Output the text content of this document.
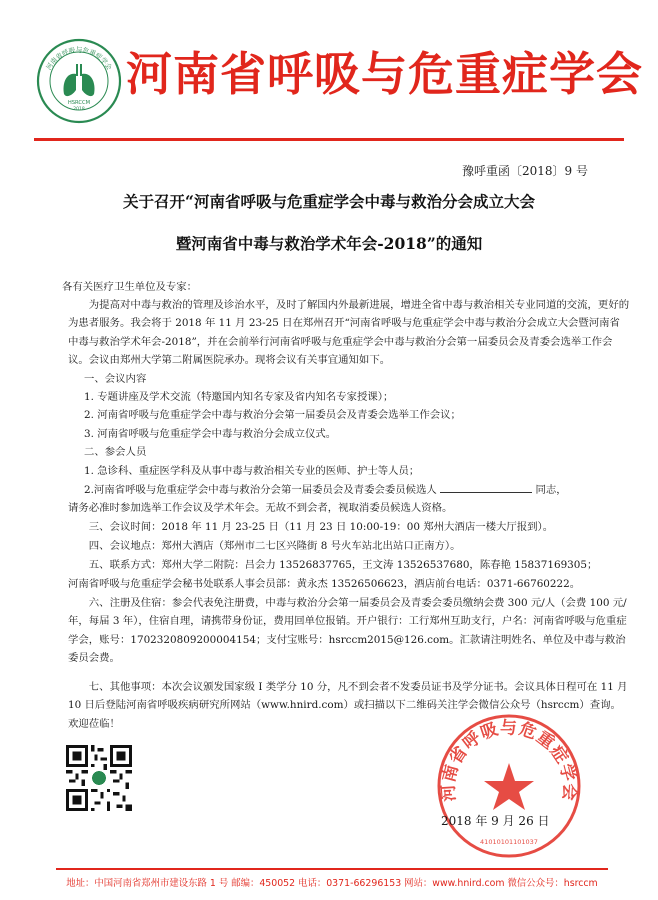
河南省呼吸与危重症学会
HSRCCM
2018
河南省呼吸与危重症学会
豫呼重函〔2018〕9 号
关于召开“河南省呼吸与危重症学会中毒与救治分会成立大会
暨河南省中毒与救治学术年会-2018”的通知
各有关医疗卫生单位及专家：
为提高对中毒与救治的管理及诊治水平，及时了解国内外最新进展，增进全省中毒与救治相关专业同道的交流，更好的为患者服务。我会将于 2018 年 11 月 23-25 日在郑州召开“河南省呼吸与危重症学会中毒与救治分会成立大会暨河南省中毒与救治学术年会-2018”，并在会前举行河南省呼吸与危重症学会中毒与救治分会第一届委员会及青委会选举工作会议。会议由郑州大学第二附属医院承办。现将会议有关事宜通知如下。
一、会议内容
1. 专题讲座及学术交流（特邀国内知名专家及省内知名专家授课）；
2. 河南省呼吸与危重症学会中毒与救治分会第一届委员会及青委会选举工作会议；
3. 河南省呼吸与危重症学会中毒与救治分会成立仪式。
二、参会人员
1. 急诊科、重症医学科及从事中毒与救治相关专业的医师、护士等人员；
2.河南省呼吸与危重症学会中毒与救治分会第一届委员会及青委会委员候选人	同志，
请务必准时参加选举工作会议及学术年会。无故不到会者，视取消委员候选人资格。
三、会议时间：2018 年 11 月 23-25 日（11 月 23 日 10:00-19：00 郑州大酒店一楼大厅报到）。
四、会议地点：郑州大酒店（郑州市二七区兴隆街 8 号火车站北出站口正南方）。
五、联系方式：郑州大学二附院：吕会力 13526837765，王文涛 13526537680，陈春艳 15837169305；
河南省呼吸与危重症学会秘书处联系人事会员部：黄永杰 13526506623，酒店前台电话：0371-66760222。
六、注册及住宿：参会代表免注册费，中毒与救治分会第一届委员会及青委会委员缴纳会费 300 元/人（会费 100 元/年，每届 3 年），住宿自理，请携带身份证，费用回单位报销。开户银行：工行郑州互助支行，户名：河南省呼吸与危重症学会，账号：1702320809200004154；支付宝账号：hsrccm2015@126.com。汇款请注明姓名、单位及中毒与救治委员会费。
七、其他事项：本次会议颁发国家级 I 类学分 10 分，凡不到会者不发委员证书及学分证书。会议具体日程可在 11 月 10 日后登陆河南省呼吸疾病研究所网站（www.hnird.com）或扫描以下二维码关注学会微信公众号（hsrccm）查询。欢迎莅临！
河南省呼吸与危重症学会
41010101101037
2018 年 9 月 26 日
地址：中国河南省郑州市建设东路 1 号 邮编：450052 电话：0371-66296153 网站：www.hnird.com 微信公众号：hsrccm
